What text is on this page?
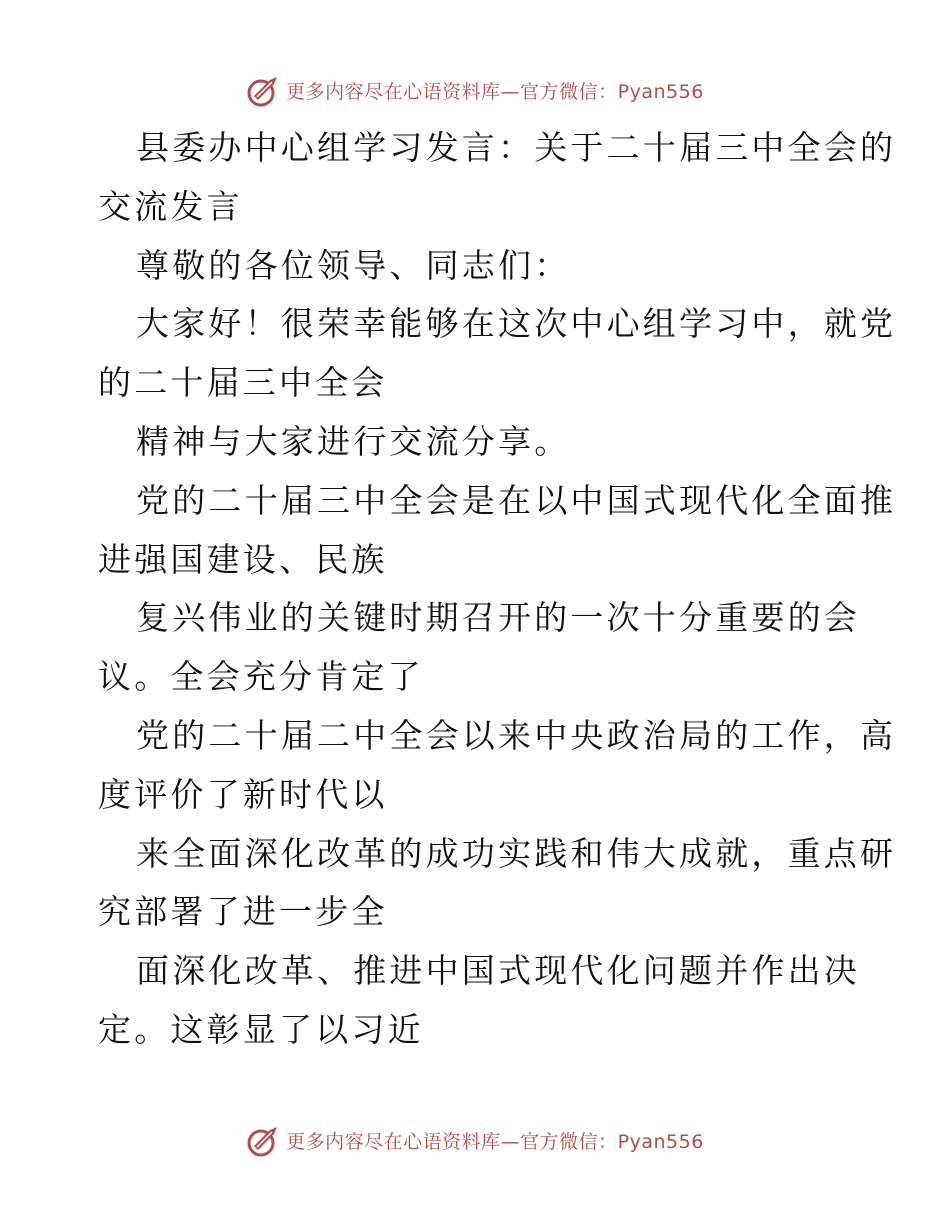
更多内容尽在心语资料库—官方微信：Pyan556
县委办中心组学习发言：关于二十届三中全会的
交流发言
尊敬的各位领导、同志们：
大家好！很荣幸能够在这次中心组学习中，就党
的二十届三中全会
精神与大家进行交流分享。
党的二十届三中全会是在以中国式现代化全面推
进强国建设、民族
复兴伟业的关键时期召开的一次十分重要的会
议。全会充分肯定了
党的二十届二中全会以来中央政治局的工作，高
度评价了新时代以
来全面深化改革的成功实践和伟大成就，重点研
究部署了进一步全
面深化改革、推进中国式现代化问题并作出决
定。这彰显了以习近
更多内容尽在心语资料库—官方微信：Pyan556
